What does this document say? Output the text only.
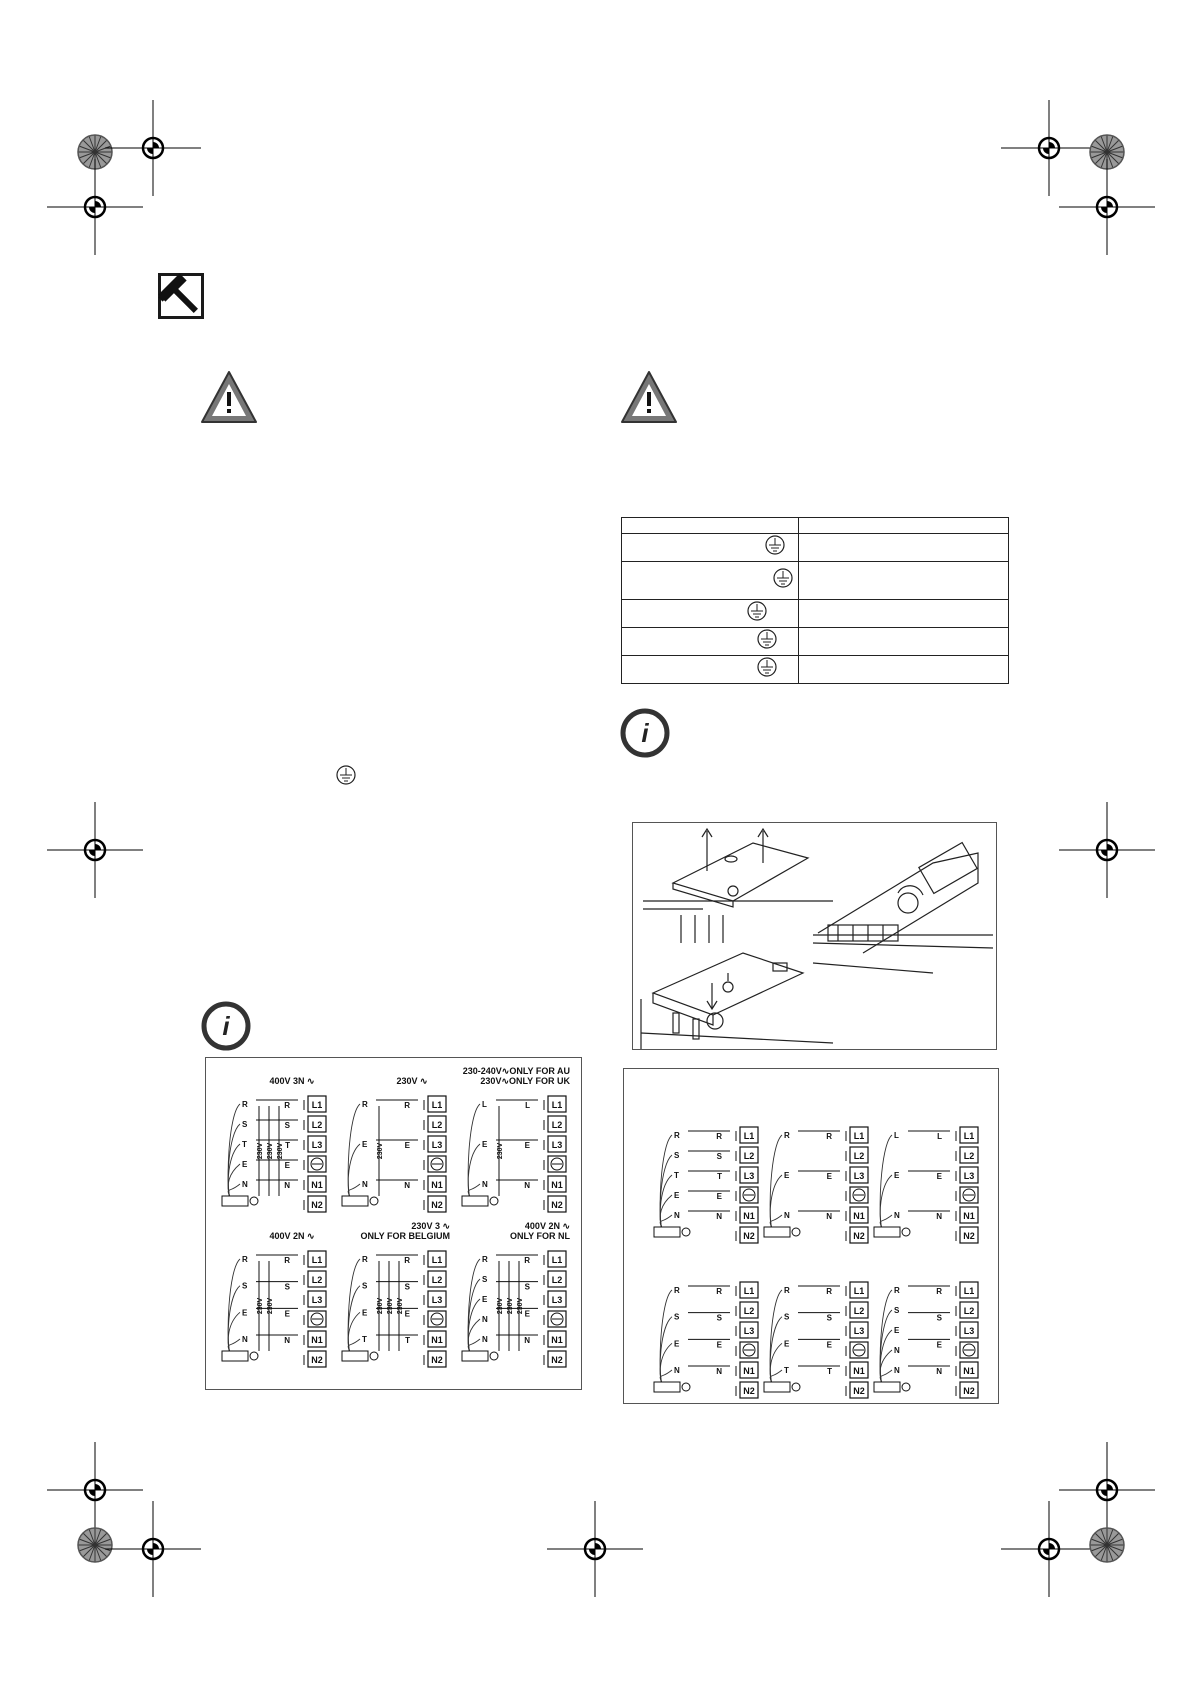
i
i
400V 3N ∿
L1
L2
L3
N1
N2
R
S
T
E
N
R
S
T
E
N
230V 230V 230V
230V ∿
L1
L2
L3
N1
N2
R
E
N
R
E
N
230V
230-240V∿ONLY FOR AU
230V∿ONLY FOR UK
L1
L2
L3
N1
N2
L
E
N
L
E
N
230V
400V 2N ∿
L1
L2
L3
N1
N2
R
S
E
N
R
S
E
N
230V 230V
230V 3 ∿
ONLY FOR BELGIUM
L1
L2
L3
N1
N2
R
S
E
T
R
S
E
T
230V 230V 230V
400V 2N ∿
ONLY FOR NL
L1
L2
L3
N1
N2
R
S
E
N
N
R
S
E
N
230V 230V 230V
L1
L2
L3
N1
N2
R
S
T
E
N
R
S
T
E
N
L1
L2
L3
N1
N2
R
E
N
R
E
N
L1
L2
L3
N1
N2
L
E
N
L
E
N
L1
L2
L3
N1
N2
R
S
E
N
R
S
E
N
L1
L2
L3
N1
N2
R
S
E
T
R
S
E
T
L1
L2
L3
N1
N2
R
S
E
N
N
R
S
E
N
